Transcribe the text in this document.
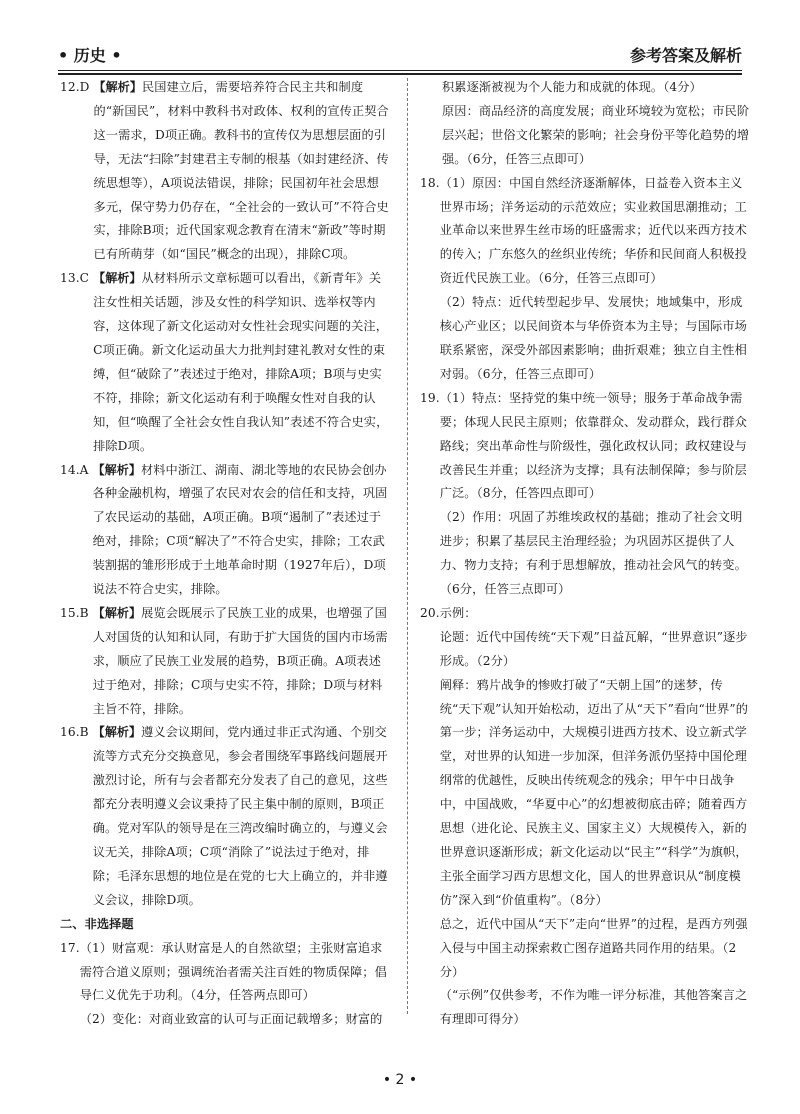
• 历史 •	参考答案及解析
12.D 【解析】民国建立后，需要培养符合民主共和制度的“新国民”，材料中教科书对政体、权利的宣传正契合这一需求，D项正确。教科书的宣传仅为思想层面的引导，无法“扫除”封建君主专制的根基（如封建经济、传统思想等），A项说法错误，排除；民国初年社会思想多元，保守势力仍存在，“全社会的一致认可”不符合史实，排除B项；近代国家观念教育在清末“新政”等时期已有所萌芽（如“国民”概念的出现），排除C项。
13.C 【解析】从材料所示文章标题可以看出，《新青年》关注女性相关话题，涉及女性的科学知识、选举权等内容，这体现了新文化运动对女性社会现实问题的关注，C项正确。新文化运动虽大力批判封建礼教对女性的束缚，但“破除了”表述过于绝对，排除A项；B项与史实不符，排除；新文化运动有利于唤醒女性对自我的认知，但“唤醒了全社会女性自我认知”表述不符合史实，排除D项。
14.A 【解析】材料中浙江、湖南、湖北等地的农民协会创办各种金融机构，增强了农民对农会的信任和支持，巩固了农民运动的基础，A项正确。B项“遏制了”表述过于绝对，排除；C项“解决了”不符合史实，排除；工农武装割据的雏形形成于土地革命时期（1927年后），D项说法不符合史实，排除。
15.B 【解析】展览会既展示了民族工业的成果，也增强了国人对国货的认知和认同，有助于扩大国货的国内市场需求，顺应了民族工业发展的趋势，B项正确。A项表述过于绝对，排除；C项与史实不符，排除；D项与材料主旨不符，排除。
16.B 【解析】遵义会议期间，党内通过非正式沟通、个别交流等方式充分交换意见，参会者围绕军事路线问题展开激烈讨论，所有与会者都充分发表了自己的意见，这些都充分表明遵义会议秉持了民主集中制的原则，B项正确。党对军队的领导是在三湾改编时确立的，与遵义会议无关，排除A项；C项“消除了”说法过于绝对，排除；毛泽东思想的地位是在党的七大上确立的，并非遵义会议，排除D项。
二、非选择题
17. （1）财富观：承认财富是人的自然欲望；主张财富追求需符合道义原则；强调统治者需关注百姓的物质保障；倡导仁义优先于功利。（4分，任答两点即可）
（2）变化：对商业致富的认可与正面记载增多；财富的
积累逐渐被视为个人能力和成就的体现。（4分）
原因：商品经济的高度发展；商业环境较为宽松；市民阶层兴起；世俗文化繁荣的影响；社会身份平等化趋势的增强。（6分，任答三点即可）
18. （1）原因：中国自然经济逐渐解体，日益卷入资本主义世界市场；洋务运动的示范效应；实业救国思潮推动；工业革命以来世界生丝市场的旺盛需求；近代以来西方技术的传入；广东悠久的丝织业传统；华侨和民间商人积极投资近代民族工业。（6分，任答三点即可）
（2）特点：近代转型起步早、发展快；地域集中，形成核心产业区；以民间资本与华侨资本为主导；与国际市场联系紧密，深受外部因素影响；曲折艰难；独立自主性相对弱。（6分，任答三点即可）
19. （1）特点：坚持党的集中统一领导；服务于革命战争需要；体现人民民主原则；依靠群众、发动群众，践行群众路线；突出革命性与阶级性，强化政权认同；政权建设与改善民生并重；以经济为支撑；具有法制保障；参与阶层广泛。（8分，任答四点即可）
（2）作用：巩固了苏维埃政权的基础；推动了社会文明进步；积累了基层民主治理经验；为巩固苏区提供了人力、物力支持；有利于思想解放，推动社会风气的转变。（6分，任答三点即可）
20. 示例：
论题：近代中国传统“天下观”日益瓦解，“世界意识”逐步形成。（2分）
阐释：鸦片战争的惨败打破了“天朝上国”的迷梦，传统“天下观”认知开始松动，迈出了从“天下”看向“世界”的第一步；洋务运动中，大规模引进西方技术、设立新式学堂，对世界的认知进一步加深，但洋务派仍坚持中国伦理纲常的优越性，反映出传统观念的残余；甲午中日战争中，中国战败，“华夏中心”的幻想被彻底击碎；随着西方思想（进化论、民族主义、国家主义）大规模传入，新的世界意识逐渐形成；新文化运动以“民主”“科学”为旗帜，主张全面学习西方思想文化，国人的世界意识从“制度模仿”深入到“价值重构”。（8分）
总之，近代中国从“天下”走向“世界”的过程，是西方列强入侵与中国主动探索救亡图存道路共同作用的结果。（2分）
（“示例”仅供参考，不作为唯一评分标准，其他答案言之有理即可得分）
• 2 •
